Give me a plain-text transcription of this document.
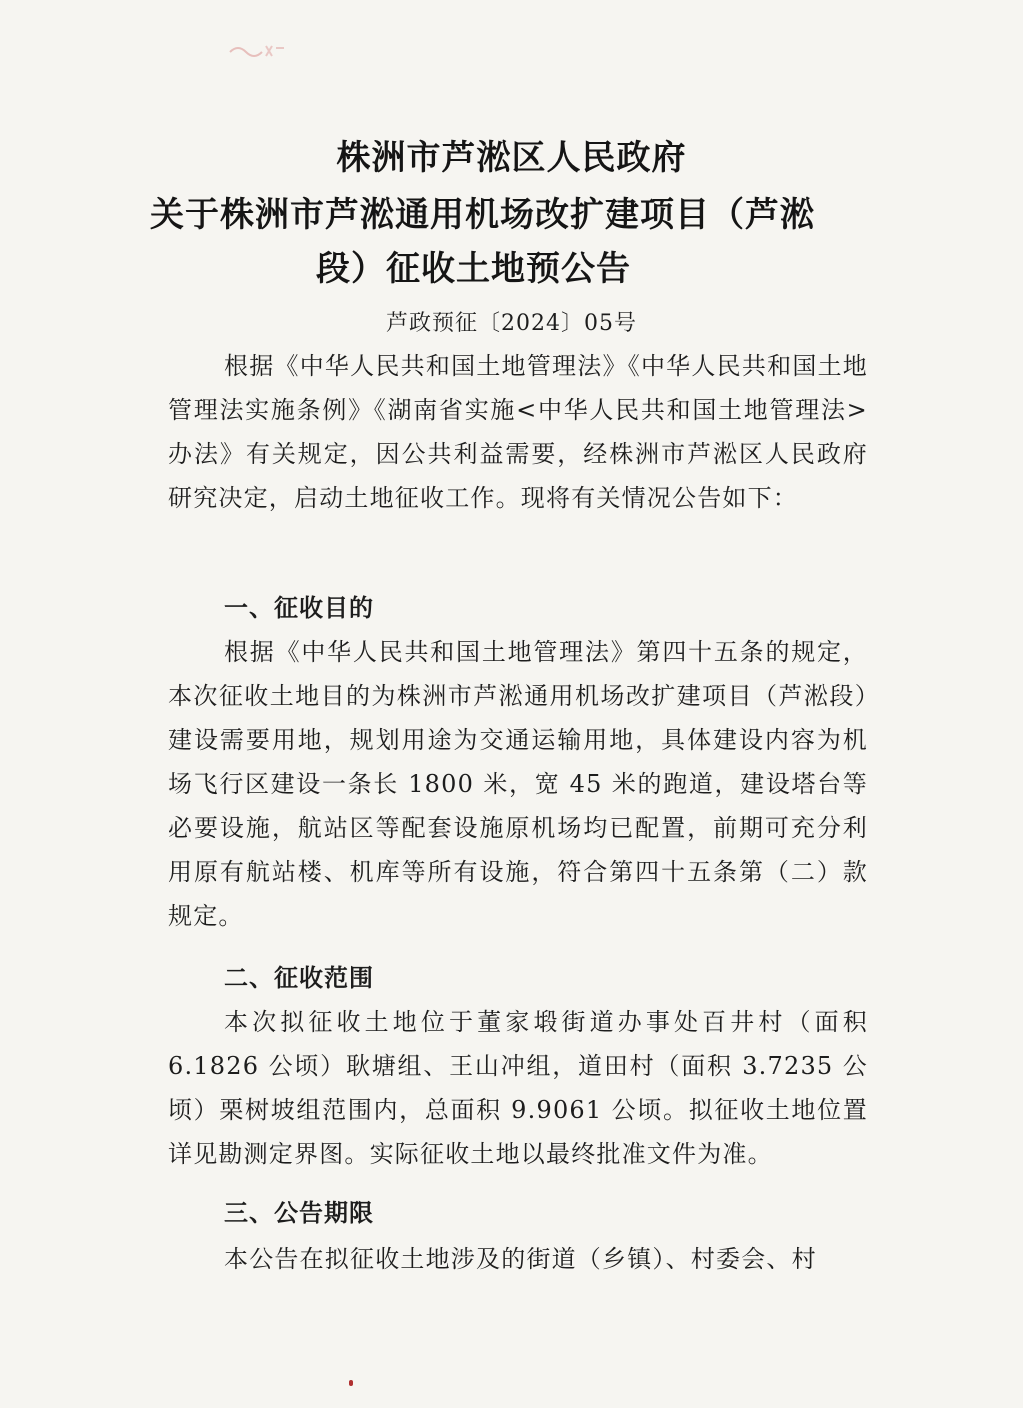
株洲市芦淞区人民政府
关于株洲市芦淞通用机场改扩建项目（芦淞
段）征收土地预公告
芦政预征〔2024〕05号
根据《中华人民共和国土地管理法》《中华人民共和国土地管理法实施条例》《湖南省实施<中华人民共和国土地管理法>办法》有关规定，因公共利益需要，经株洲市芦淞区人民政府研究决定，启动土地征收工作。现将有关情况公告如下：
一、征收目的
根据《中华人民共和国土地管理法》第四十五条的规定，本次征收土地目的为株洲市芦淞通用机场改扩建项目（芦淞段）建设需要用地，规划用途为交通运输用地，具体建设内容为机场飞行区建设一条长 1800 米，宽 45 米的跑道，建设塔台等必要设施，航站区等配套设施原机场均已配置，前期可充分利用原有航站楼、机库等所有设施，符合第四十五条第（二）款规定。
二、征收范围
本次拟征收土地位于董家塅街道办事处百井村（面积 6.1826 公顷）耿塘组、王山冲组，道田村（面积 3.7235 公顷）栗树坡组范围内，总面积 9.9061 公顷。拟征收土地位置详见勘测定界图。实际征收土地以最终批准文件为准。
三、公告期限
本公告在拟征收土地涉及的街道（乡镇）、村委会、村
